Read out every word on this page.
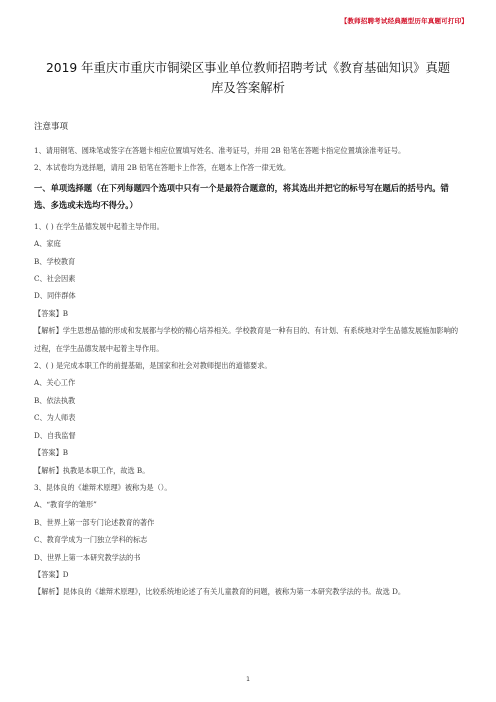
【教师招聘考试经典题型历年真题可打印】
2019 年重庆市重庆市铜梁区事业单位教师招聘考试《教育基础知识》真题
库及答案解析
注意事项

1、请用钢笔、圆珠笔或签字在答题卡相应位置填写姓名、准考证号，并用 2B 铅笔在答题卡指定位置填涂准考证号。

2、本试卷均为选择题，请用 2B 铅笔在答题卡上作答，在题本上作答一律无效。

一、单项选择题（在下列每题四个选项中只有一个是最符合题意的，将其选出并把它的标号写在题后的括号内。错选、多选或未选均不得分。）

1、( ) 在学生品德发展中起着主导作用。

A、家庭

B、学校教育

C、社会因素

D、同伴群体

【答案】B

【解析】学生思想品德的形成和发展都与学校的精心培养相关。学校教育是一种有目的、有计划、有系统地对学生品德发展施加影响的过程，在学生品德发展中起着主导作用。

2、( ) 是完成本职工作的前提基础，是国家和社会对教师提出的道德要求。

A、关心工作

B、依法执教

C、为人师表

D、自我监督

【答案】B

【解析】执教是本职工作，故选 B。

3、昆体良的《雄辩术原理》被称为是（）。

A、“教育学的雏形”

B、世界上第一部专门论述教育的著作

C、教育学成为一门独立学科的标志

D、世界上第一本研究教学法的书

【答案】D

【解析】昆体良的《雄辩术原理》，比较系统地论述了有关儿童教育的问题，被称为第一本研究教学法的书。故选 D。

1
